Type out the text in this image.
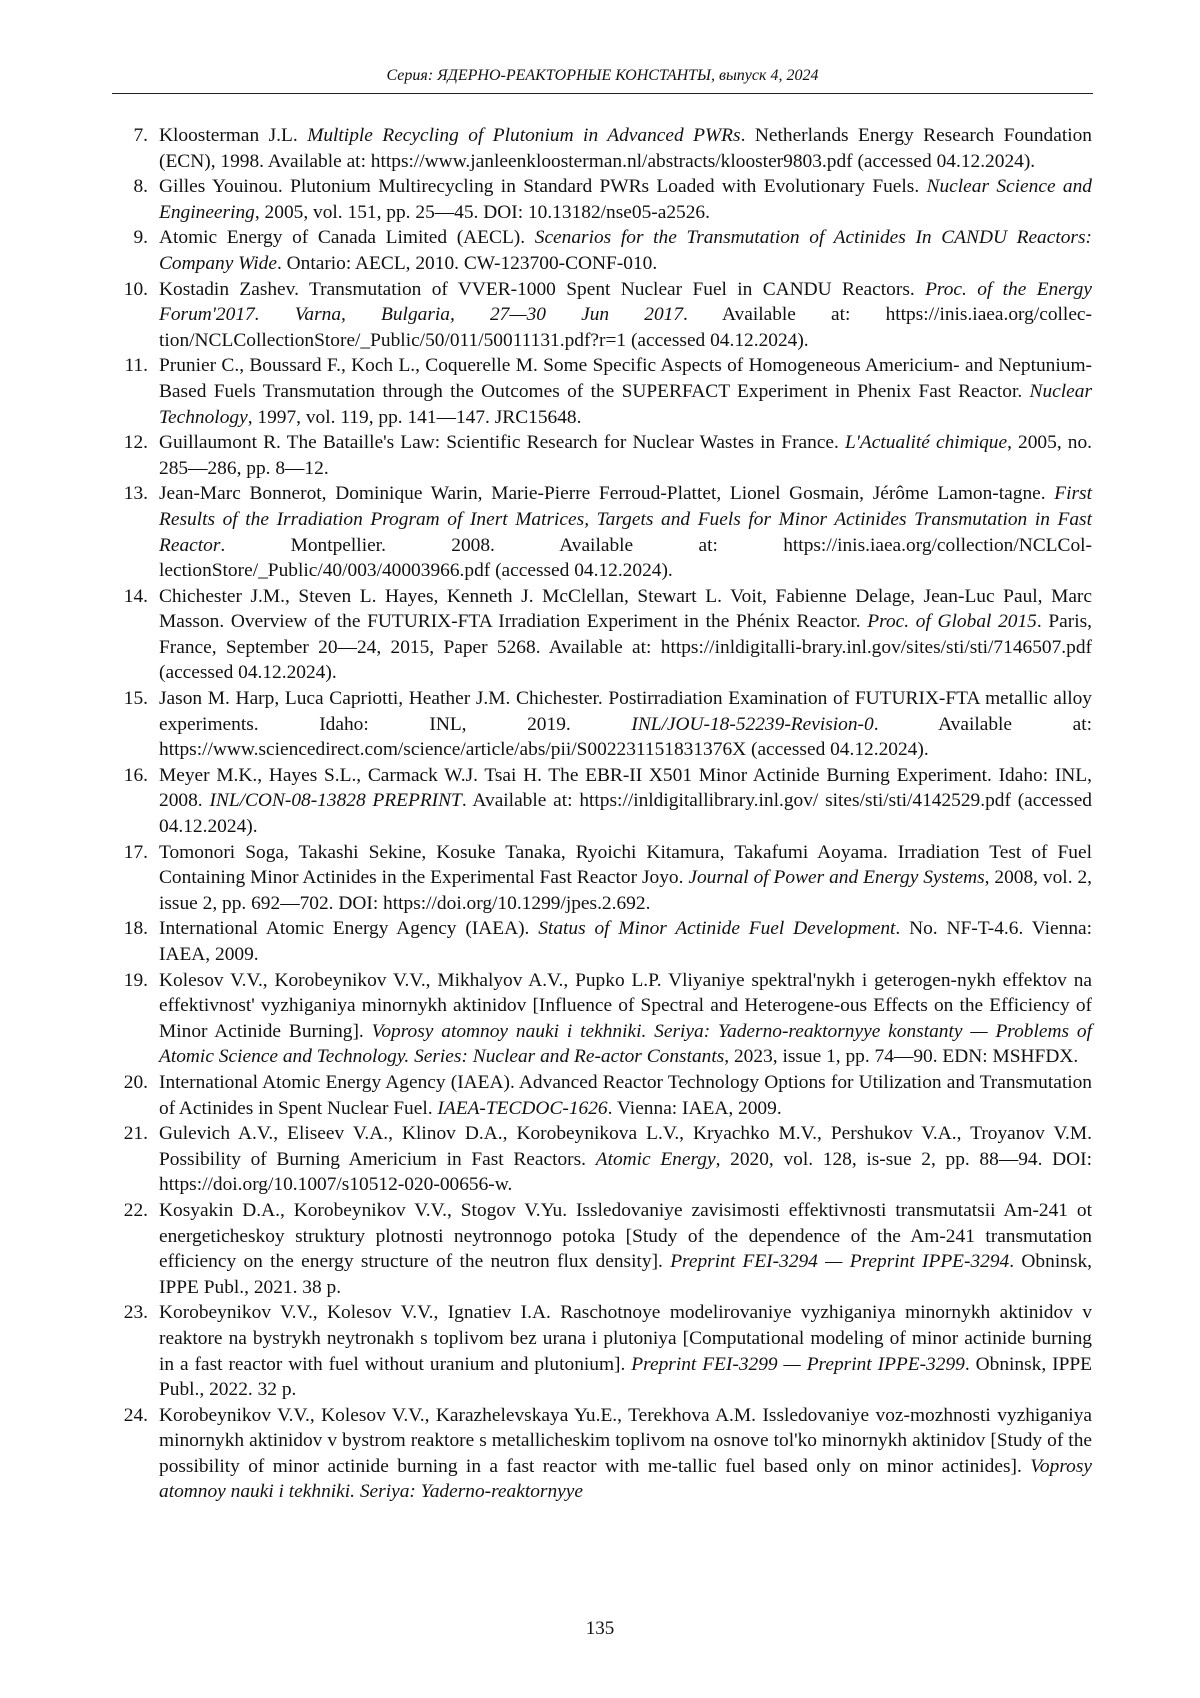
Серия: ЯДЕРНО-РЕАКТОРНЫЕ КОНСТАНТЫ, выпуск 4, 2024

7. Kloosterman J.L. Multiple Recycling of Plutonium in Advanced PWRs. Netherlands Energy Research Foundation (ECN), 1998. Available at: https://www.janleenkloosterman.nl/abstracts/klooster9803.pdf (accessed 04.12.2024).

8. Gilles Youinou. Plutonium Multirecycling in Standard PWRs Loaded with Evolutionary Fuels. Nuclear Science and Engineering, 2005, vol. 151, pp. 25—45. DOI: 10.13182/nse05-a2526.

9. Atomic Energy of Canada Limited (AECL). Scenarios for the Transmutation of Actinides In CANDU Reactors: Company Wide. Ontario: AECL, 2010. CW-123700-CONF-010.

10. Kostadin Zashev. Transmutation of VVER-1000 Spent Nuclear Fuel in CANDU Reactors. Proc. of the Energy Forum'2017. Varna, Bulgaria, 27—30 Jun 2017. Available at: https://inis.iaea.org/collec-tion/NCLCollectionStore/_Public/50/011/50011131.pdf?r=1 (accessed 04.12.2024).

11. Prunier C., Boussard F., Koch L., Coquerelle M. Some Specific Aspects of Homogeneous Americium- and Neptunium- Based Fuels Transmutation through the Outcomes of the SUPERFACT Experiment in Phenix Fast Reactor. Nuclear Technology, 1997, vol. 119, pp. 141—147. JRC15648.

12. Guillaumont R. The Bataille's Law: Scientific Research for Nuclear Wastes in France. L'Actualité chimique, 2005, no. 285—286, pp. 8—12.

13. Jean-Marc Bonnerot, Dominique Warin, Marie-Pierre Ferroud-Plattet, Lionel Gosmain, Jérôme Lamon-tagne. First Results of the Irradiation Program of Inert Matrices, Targets and Fuels for Minor Actinides Transmutation in Fast Reactor. Montpellier. 2008. Available at: https://inis.iaea.org/collection/NCLCol-lectionStore/_Public/40/003/40003966.pdf (accessed 04.12.2024).

14. Chichester J.M., Steven L. Hayes, Kenneth J. McClellan, Stewart L. Voit, Fabienne Delage, Jean-Luc Paul, Marc Masson. Overview of the FUTURIX-FTA Irradiation Experiment in the Phénix Reactor. Proc. of Global 2015. Paris, France, September 20—24, 2015, Paper 5268. Available at: https://inldigitalli-brary.inl.gov/sites/sti/sti/7146507.pdf (accessed 04.12.2024).

15. Jason M. Harp, Luca Capriotti, Heather J.M. Chichester. Postirradiation Examination of FUTURIX-FTA metallic alloy experiments. Idaho: INL, 2019. INL/JOU-18-52239-Revision-0. Available at: https://www.sciencedirect.com/science/article/abs/pii/S002231151831376X (accessed 04.12.2024).

16. Meyer M.K., Hayes S.L., Carmack W.J. Tsai H. The EBR-II X501 Minor Actinide Burning Experiment. Idaho: INL, 2008. INL/CON-08-13828 PREPRINT. Available at: https://inldigitallibrary.inl.gov/ sites/sti/sti/4142529.pdf (accessed 04.12.2024).

17. Tomonori Soga, Takashi Sekine, Kosuke Tanaka, Ryoichi Kitamura, Takafumi Aoyama. Irradiation Test of Fuel Containing Minor Actinides in the Experimental Fast Reactor Joyo. Journal of Power and Energy Systems, 2008, vol. 2, issue 2, pp. 692—702. DOI: https://doi.org/10.1299/jpes.2.692.

18. International Atomic Energy Agency (IAEA). Status of Minor Actinide Fuel Development. No. NF-T-4.6. Vienna: IAEA, 2009.

19. Kolesov V.V., Korobeynikov V.V., Mikhalyov A.V., Pupko L.P. Vliyaniye spektral'nykh i geterogen-nykh effektov na effektivnost' vyzhiganiya minornykh aktinidov [Influence of Spectral and Heterogene-ous Effects on the Efficiency of Minor Actinide Burning]. Voprosy atomnoy nauki i tekhniki. Seriya: Yaderno-reaktornyye konstanty — Problems of Atomic Science and Technology. Series: Nuclear and Re-actor Constants, 2023, issue 1, pp. 74—90. EDN: MSHFDX.

20. International Atomic Energy Agency (IAEA). Advanced Reactor Technology Options for Utilization and Transmutation of Actinides in Spent Nuclear Fuel. IAEA-TECDOC-1626. Vienna: IAEA, 2009.

21. Gulevich A.V., Eliseev V.A., Klinov D.A., Korobeynikova L.V., Kryachko M.V., Pershukov V.A., Troyanov V.M. Possibility of Burning Americium in Fast Reactors. Atomic Energy, 2020, vol. 128, is-sue 2, pp. 88—94. DOI: https://doi.org/10.1007/s10512-020-00656-w.

22. Kosyakin D.A., Korobeynikov V.V., Stogov V.Yu. Issledovaniye zavisimosti effektivnosti transmutatsii Am-241 ot energeticheskoy struktury plotnosti neytronnogo potoka [Study of the dependence of the Am-241 transmutation efficiency on the energy structure of the neutron flux density]. Preprint FEI-3294 — Preprint IPPE-3294. Obninsk, IPPE Publ., 2021. 38 p.

23. Korobeynikov V.V., Kolesov V.V., Ignatiev I.A. Raschotnoye modelirovaniye vyzhiganiya minornykh aktinidov v reaktore na bystrykh neytronakh s toplivom bez urana i plutoniya [Computational modeling of minor actinide burning in a fast reactor with fuel without uranium and plutonium]. Preprint FEI-3299 — Preprint IPPE-3299. Obninsk, IPPE Publ., 2022. 32 p.

24. Korobeynikov V.V., Kolesov V.V., Karazhelevskaya Yu.E., Terekhova A.M. Issledovaniye voz-mozhnosti vyzhiganiya minornykh aktinidov v bystrom reaktore s metallicheskim toplivom na osnove tol'ko minornykh aktinidov [Study of the possibility of minor actinide burning in a fast reactor with me-tallic fuel based only on minor actinides]. Voprosy atomnoy nauki i tekhniki. Seriya: Yaderno-reaktornyye

135
